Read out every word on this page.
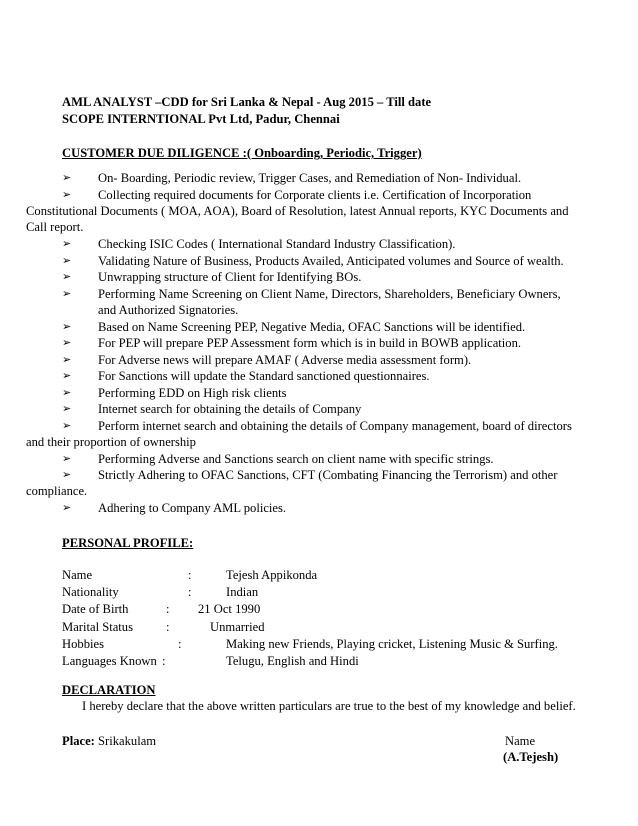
AML ANALYST –CDD for Sri Lanka & Nepal - Aug 2015 – Till date
SCOPE INTERNTIONAL Pvt Ltd, Padur, Chennai
CUSTOMER DUE DILIGENCE :( Onboarding, Periodic, Trigger)
➢	On- Boarding, Periodic review, Trigger Cases, and Remediation of Non- Individual.
➢	Collecting required documents for Corporate clients i.e. Certification of Incorporation
Constitutional Documents ( MOA, AOA), Board of Resolution, latest Annual reports, KYC Documents and Call report.
➢	Checking ISIC Codes ( International Standard Industry Classification).
➢	Validating Nature of Business, Products Availed, Anticipated volumes and Source of wealth.
➢	Unwrapping structure of Client for Identifying BOs.
➢	Performing Name Screening on Client Name, Directors, Shareholders, Beneficiary Owners, and Authorized Signatories.
➢	Based on Name Screening PEP, Negative Media, OFAC Sanctions will be identified.
➢	For PEP will prepare PEP Assessment form which is in build in BOWB application.
➢	For Adverse news will prepare AMAF ( Adverse media assessment form).
➢	For Sanctions will update the Standard sanctioned questionnaires.
➢	Performing EDD on High risk clients
➢	Internet search for obtaining the details of Company
➢	Perform internet search and obtaining the details of Company management, board of directors
and their proportion of ownership
➢	Performing Adverse and Sanctions search on client name with specific strings.
➢	Strictly Adhering to OFAC Sanctions, CFT (Combating Financing the Terrorism) and other
compliance.
➢	Adhering to Company AML policies.
PERSONAL PROFILE:
Name	:	Tejesh Appikonda
Nationality	:	Indian
Date of Birth	: 21 Oct 1990
Marital Status	:	Unmarried
Hobbies	:	Making new Friends, Playing cricket, Listening Music & Surfing.
Languages Known :	Telugu, English and Hindi
DECLARATION
I hereby declare that the above written particulars are true to the best of my knowledge and belief.
Place: Srikakulam	Name
(A.Tejesh)
